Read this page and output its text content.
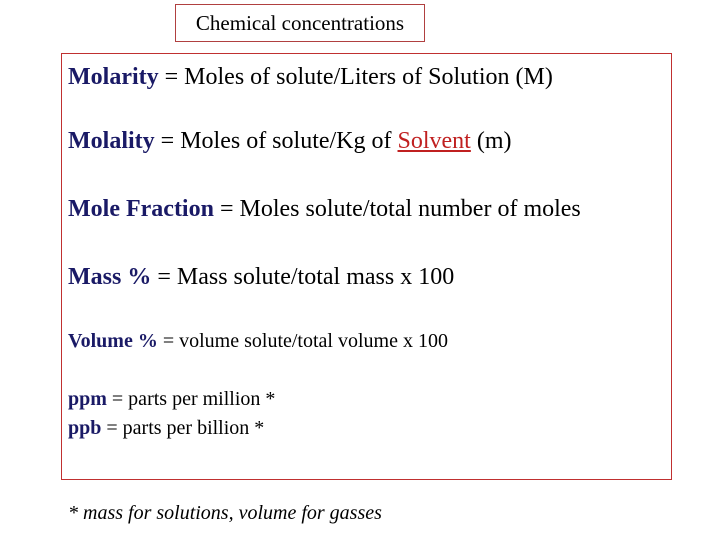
Chemical concentrations
Molarity = Moles of solute/Liters of Solution (M)
Molality = Moles of solute/Kg of Solvent (m)
Mole Fraction = Moles solute/total number of moles
Mass % = Mass solute/total mass x 100
Volume % = volume solute/total volume x 100
ppm = parts per million *
ppb = parts per billion *
* mass for solutions, volume for gasses
